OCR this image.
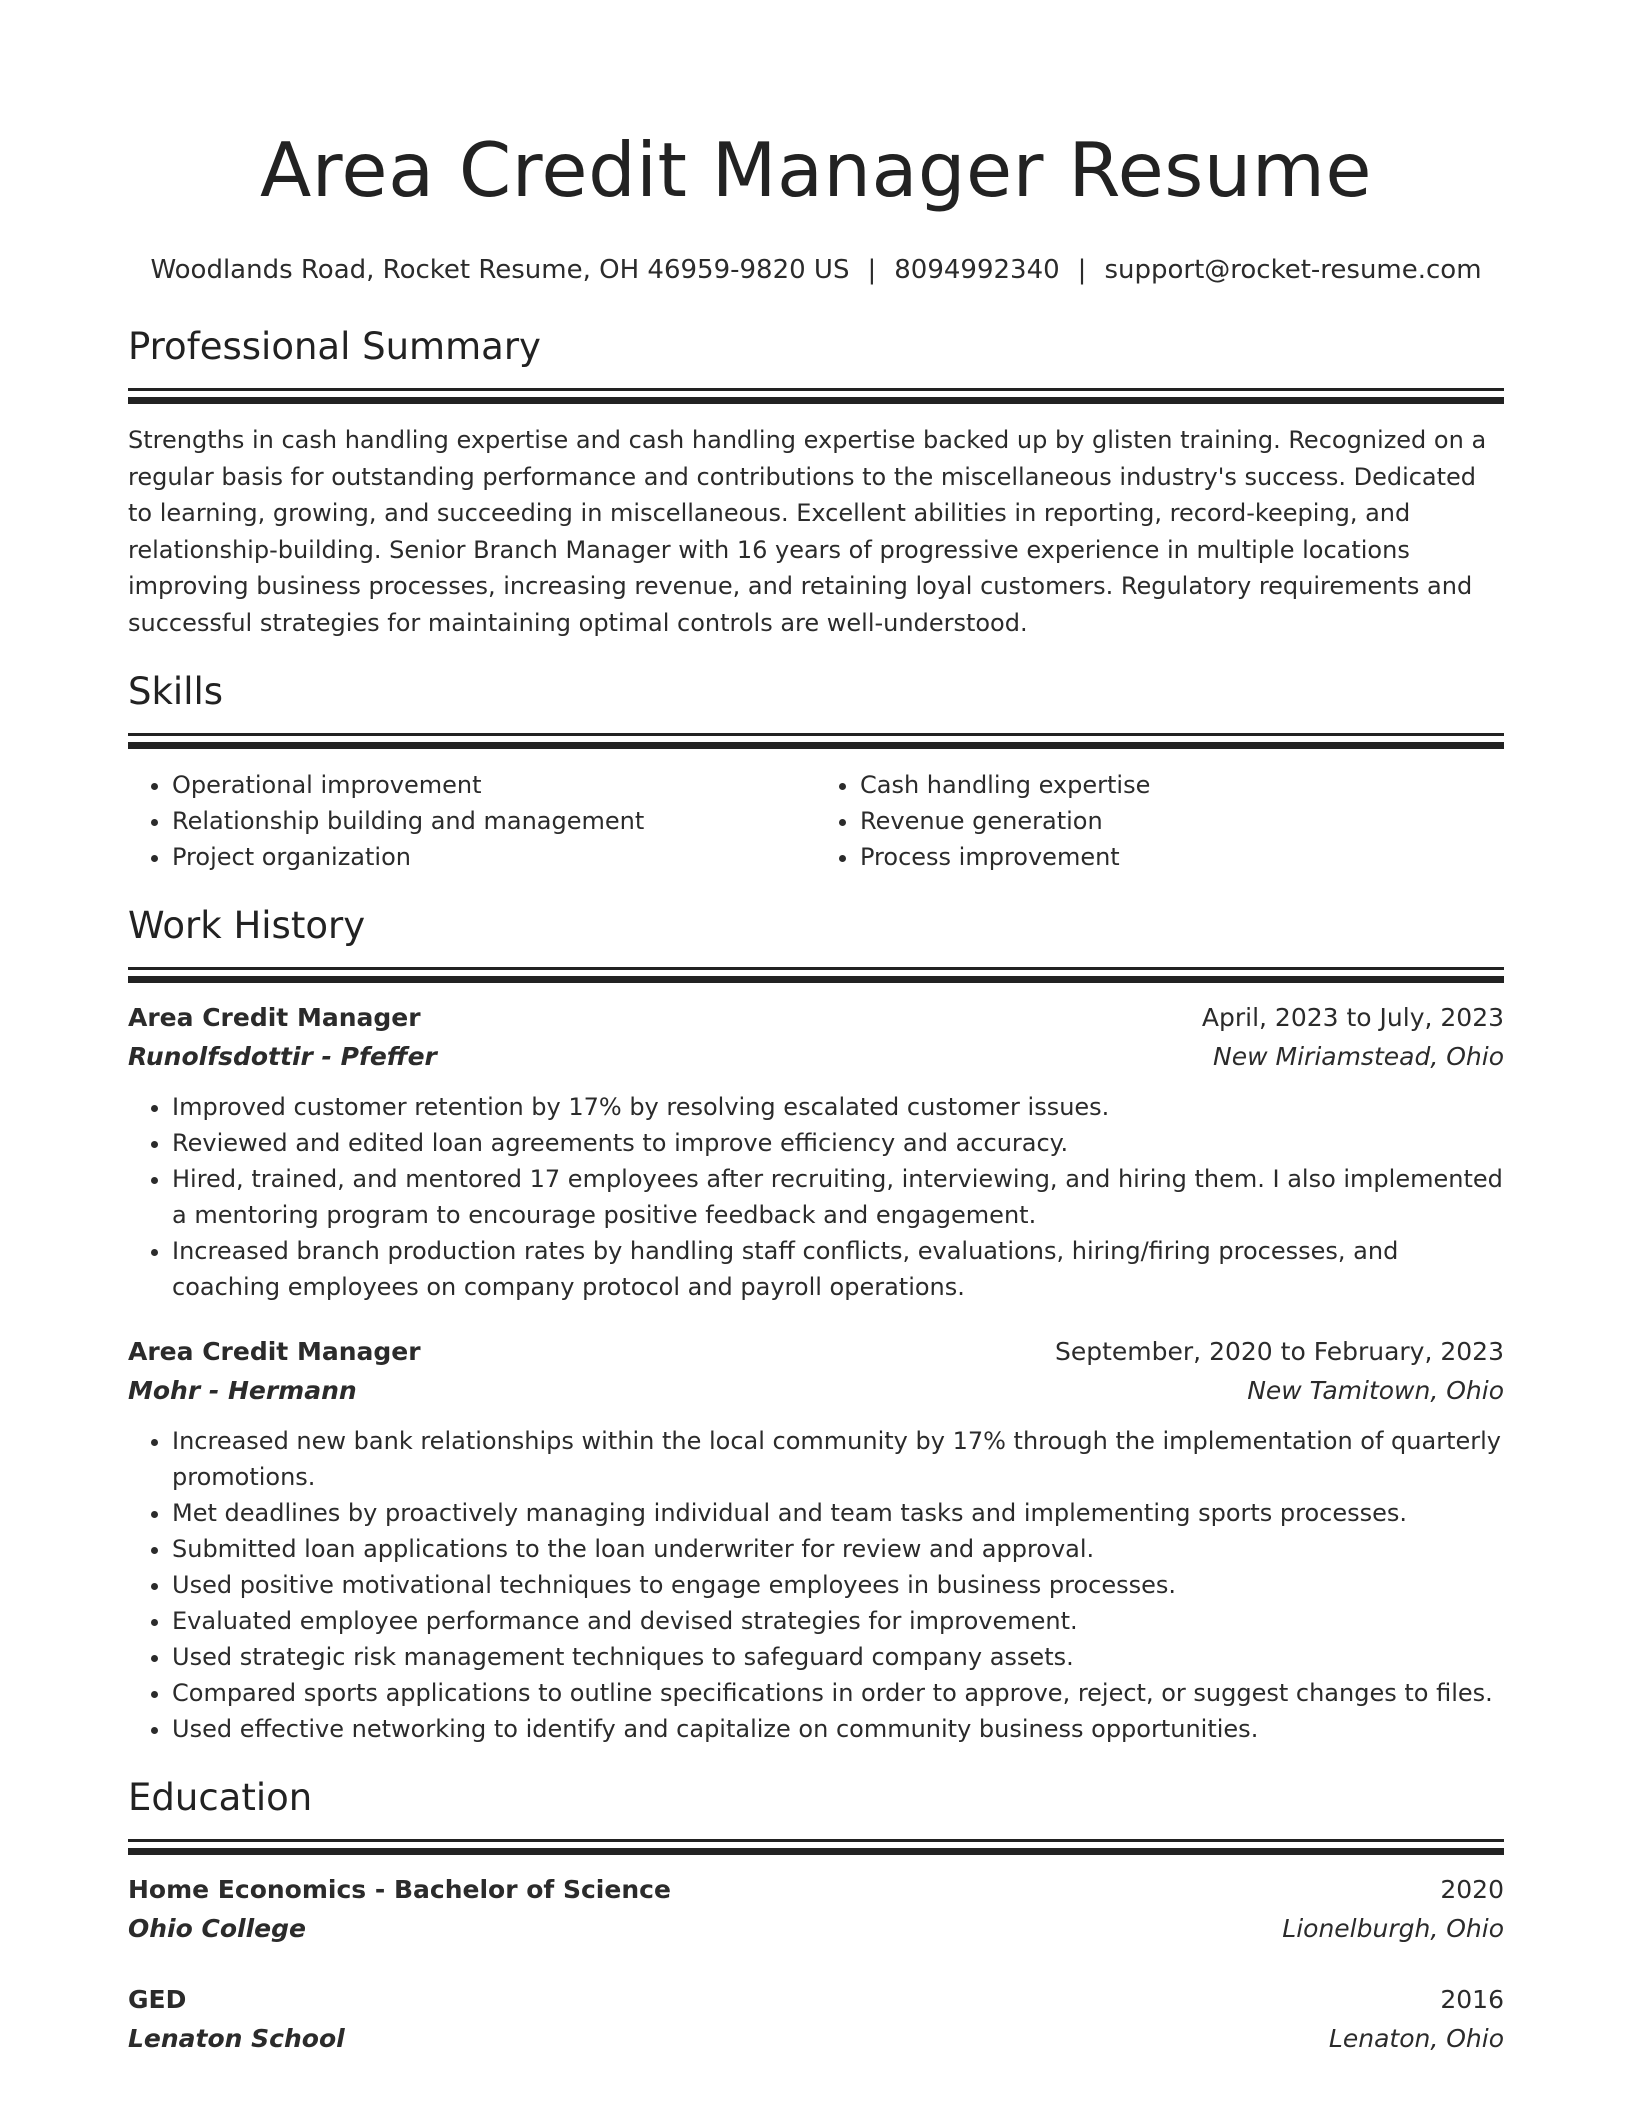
Area Credit Manager Resume
Woodlands Road, Rocket Resume, OH 46959-9820 US | 8094992340 | support@rocket-resume.com
Professional Summary
Strengths in cash handling expertise and cash handling expertise backed up by glisten training. Recognized on a regular basis for outstanding performance and contributions to the miscellaneous industry's success. Dedicated to learning, growing, and succeeding in miscellaneous. Excellent abilities in reporting, record-keeping, and relationship-building. Senior Branch Manager with 16 years of progressive experience in multiple locations improving business processes, increasing revenue, and retaining loyal customers. Regulatory requirements and successful strategies for maintaining optimal controls are well-understood.
Skills
• Operational improvement
• Relationship building and management
• Project organization
• Cash handling expertise
• Revenue generation
• Process improvement
Work History
Area Credit Manager	April, 2023 to July, 2023
Runolfsdottir - Pfeffer	New Miriamstead, Ohio
• Improved customer retention by 17% by resolving escalated customer issues.
• Reviewed and edited loan agreements to improve efficiency and accuracy.
• Hired, trained, and mentored 17 employees after recruiting, interviewing, and hiring them. I also implemented a mentoring program to encourage positive feedback and engagement.
• Increased branch production rates by handling staff conflicts, evaluations, hiring/firing processes, and coaching employees on company protocol and payroll operations.
Area Credit Manager	September, 2020 to February, 2023
Mohr - Hermann	New Tamitown, Ohio
• Increased new bank relationships within the local community by 17% through the implementation of quarterly promotions.
• Met deadlines by proactively managing individual and team tasks and implementing sports processes.
• Submitted loan applications to the loan underwriter for review and approval.
• Used positive motivational techniques to engage employees in business processes.
• Evaluated employee performance and devised strategies for improvement.
• Used strategic risk management techniques to safeguard company assets.
• Compared sports applications to outline specifications in order to approve, reject, or suggest changes to files.
• Used effective networking to identify and capitalize on community business opportunities.
Education
Home Economics - Bachelor of Science	2020
Ohio College	Lionelburgh, Ohio
GED	2016
Lenaton School	Lenaton, Ohio
